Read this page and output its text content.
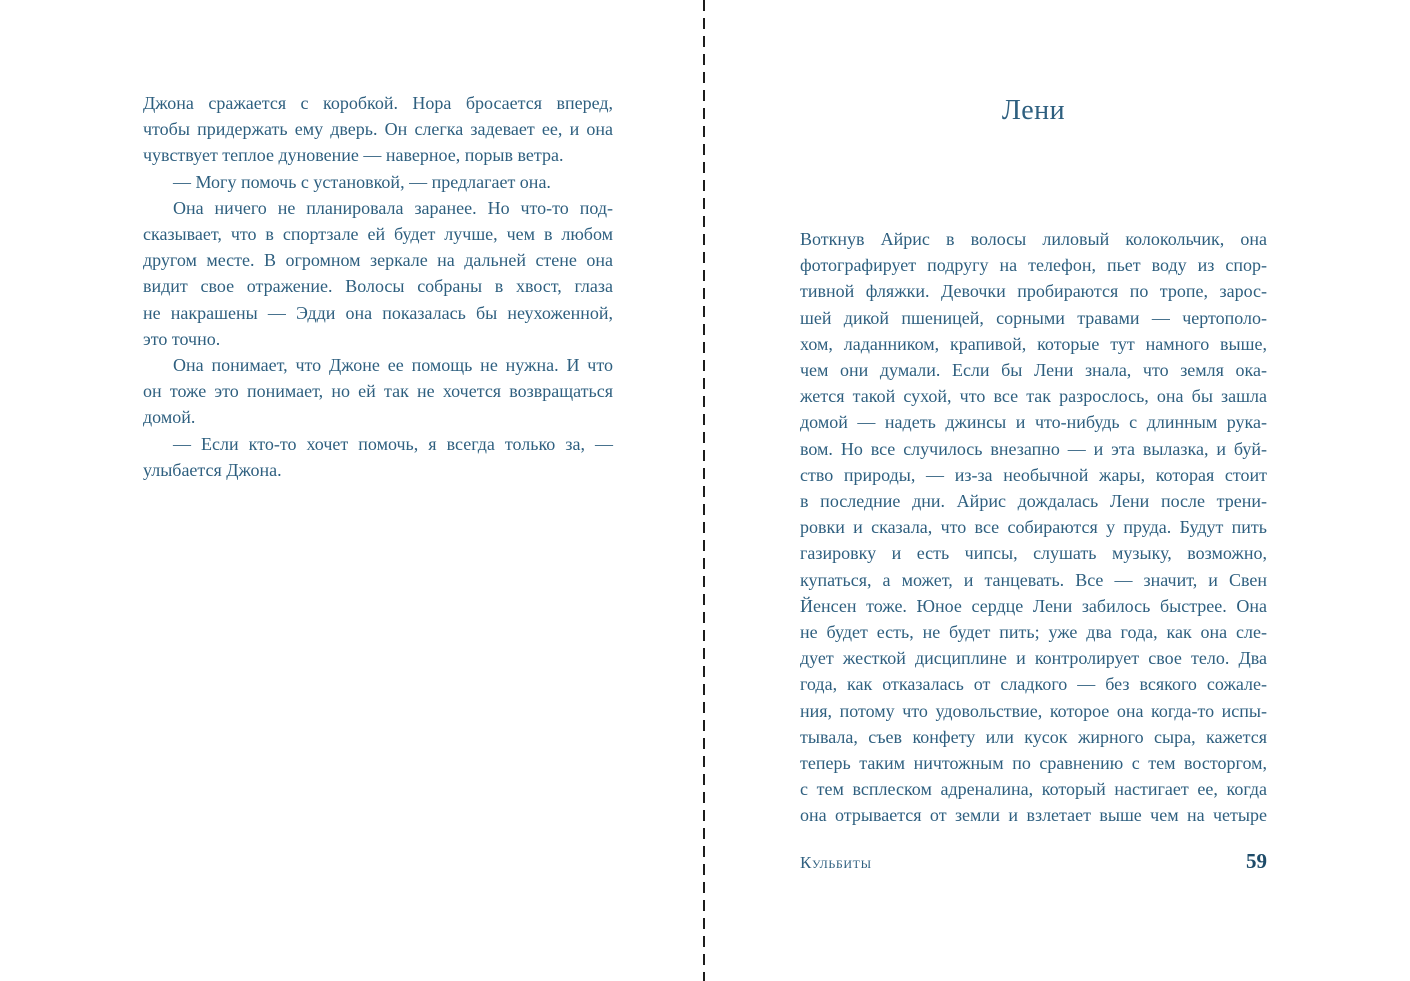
Джона сражается с коробкой. Нора бросается вперед,
чтобы придержать ему дверь. Он слегка задевает ее, и она
чувствует теплое дуновение — наверное, порыв ветра.
— Могу помочь с установкой, — предлагает она.
Она ничего не планировала заранее. Но что-то под-
сказывает, что в спортзале ей будет лучше, чем в любом
другом месте. В огромном зеркале на дальней стене она
видит свое отражение. Волосы собраны в хвост, глаза
не накрашены — Эдди она показалась бы неухоженной,
это точно.
Она понимает, что Джоне ее помощь не нужна. И что
он тоже это понимает, но ей так не хочется возвращаться
домой.
— Если кто-то хочет помочь, я всегда только за, —
улыбается Джона.
Лени
Воткнув Айрис в волосы лиловый колокольчик, она
фотографирует подругу на телефон, пьет воду из спор-
тивной фляжки. Девочки пробираются по тропе, зарос-
шей дикой пшеницей, сорными травами — чертополо-
хом, ладанником, крапивой, которые тут намного выше,
чем они думали. Если бы Лени знала, что земля ока-
жется такой сухой, что все так разрослось, она бы зашла
домой — надеть джинсы и что-нибудь с длинным рука-
вом. Но все случилось внезапно — и эта вылазка, и буй-
ство природы, — из-за необычной жары, которая стоит
в последние дни. Айрис дождалась Лени после трени-
ровки и сказала, что все собираются у пруда. Будут пить
газировку и есть чипсы, слушать музыку, возможно,
купаться, а может, и танцевать. Все — значит, и Свен
Йенсен тоже. Юное сердце Лени забилось быстрее. Она
не будет есть, не будет пить; уже два года, как она сле-
дует жесткой дисциплине и контролирует свое тело. Два
года, как отказалась от сладкого — без всякого сожале-
ния, потому что удовольствие, которое она когда-то испы-
тывала, съев конфету или кусок жирного сыра, кажется
теперь таким ничтожным по сравнению с тем восторгом,
с тем всплеском адреналина, который настигает ее, когда
она отрывается от земли и взлетает выше чем на четыре
Кульбиты	59
